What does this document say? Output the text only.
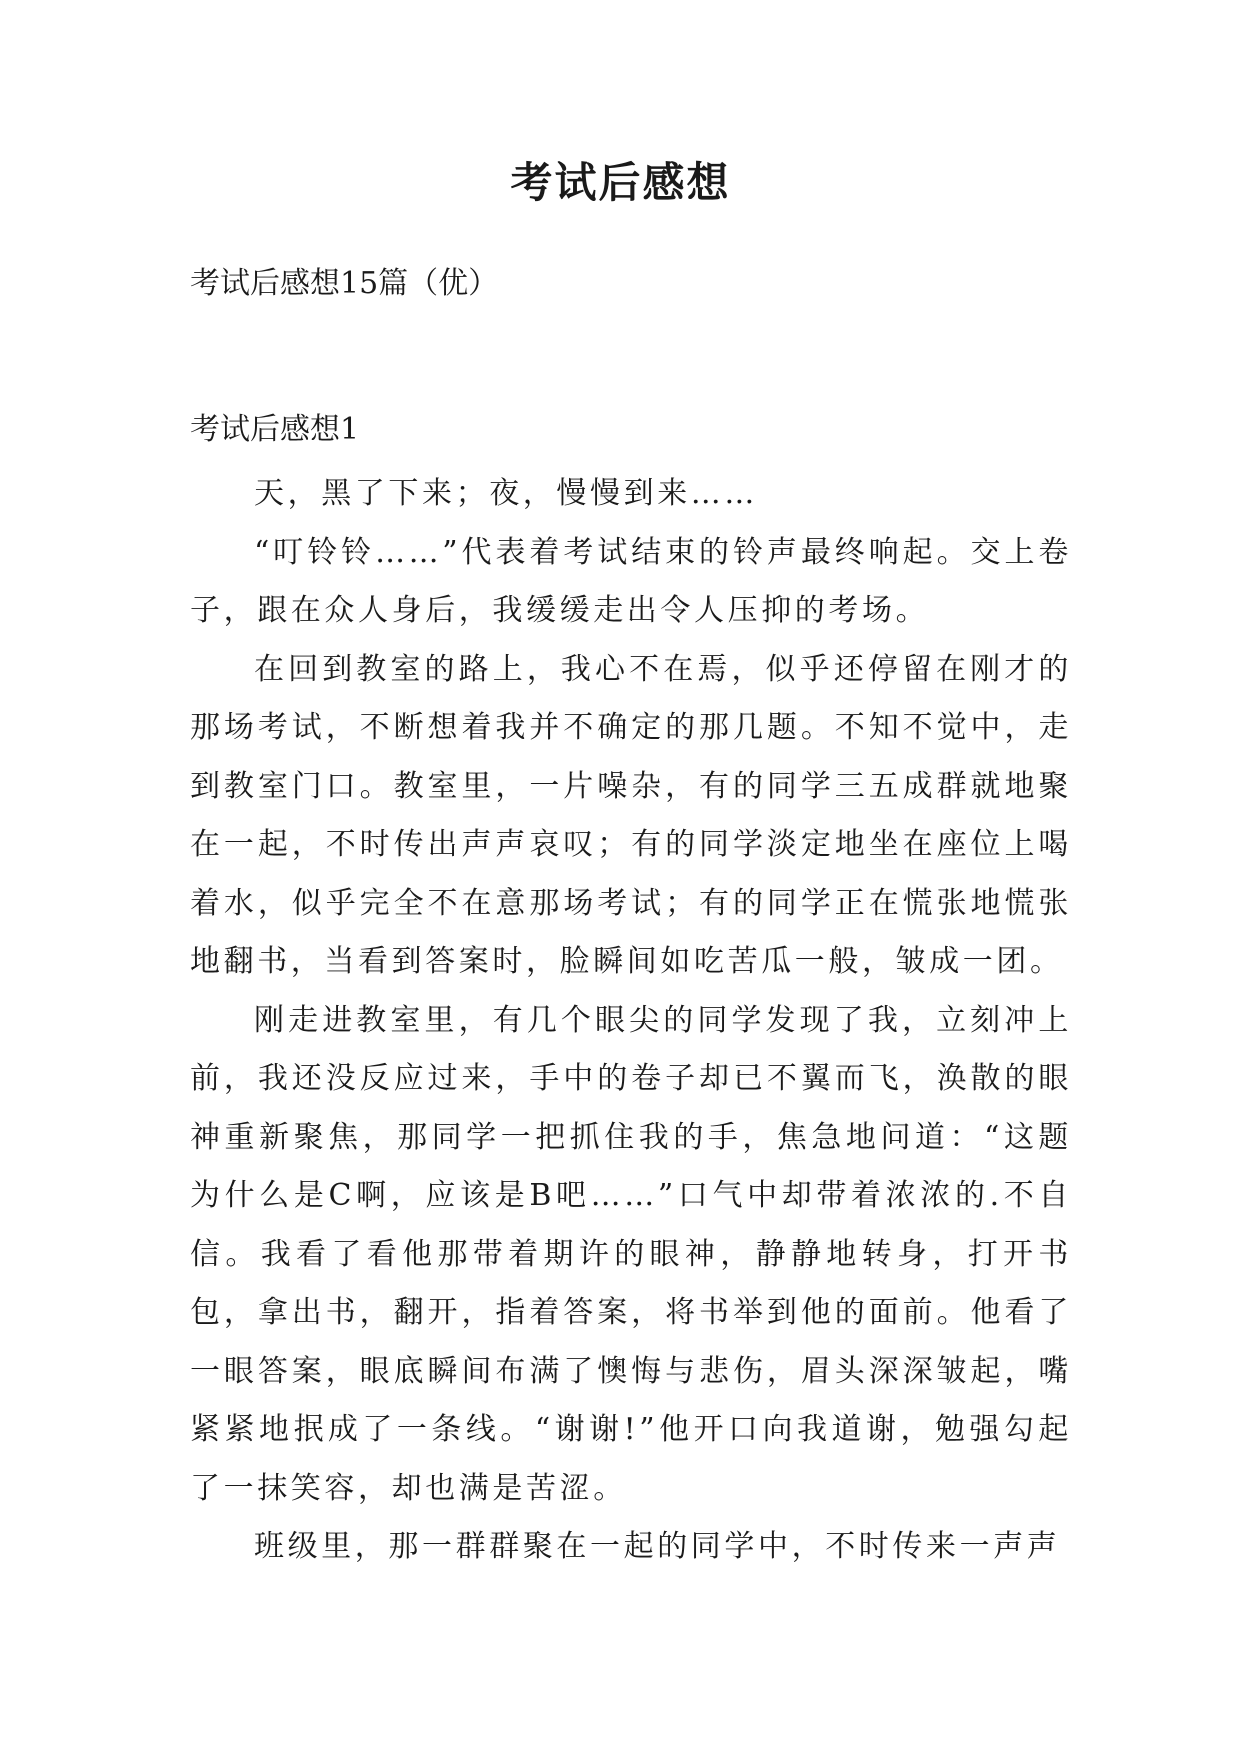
考试后感想

考试后感想15篇（优）

考试后感想1

天，黑了下来；夜，慢慢到来……

“叮铃铃……”代表着考试结束的铃声最终响起。交上卷子，跟在众人身后，我缓缓走出令人压抑的考场。

在回到教室的路上，我心不在焉，似乎还停留在刚才的那场考试，不断想着我并不确定的那几题。不知不觉中，走到教室门口。教室里，一片噪杂，有的同学三五成群就地聚在一起，不时传出声声哀叹；有的同学淡定地坐在座位上喝着水，似乎完全不在意那场考试；有的同学正在慌张地慌张地翻书，当看到答案时，脸瞬间如吃苦瓜一般，皱成一团。

刚走进教室里，有几个眼尖的同学发现了我，立刻冲上前，我还没反应过来，手中的卷子却已不翼而飞，涣散的眼神重新聚焦，那同学一把抓住我的手，焦急地问道：“这题为什么是C啊，应该是B吧……”口气中却带着浓浓的.不自信。我看了看他那带着期许的眼神，静静地转身，打开书包，拿出书，翻开，指着答案，将书举到他的面前。他看了一眼答案，眼底瞬间布满了懊悔与悲伤，眉头深深皱起，嘴紧紧地抿成了一条线。“谢谢!”他开口向我道谢，勉强勾起了一抹笑容，却也满是苦涩。

班级里，那一群群聚在一起的同学中，不时传来一声声
